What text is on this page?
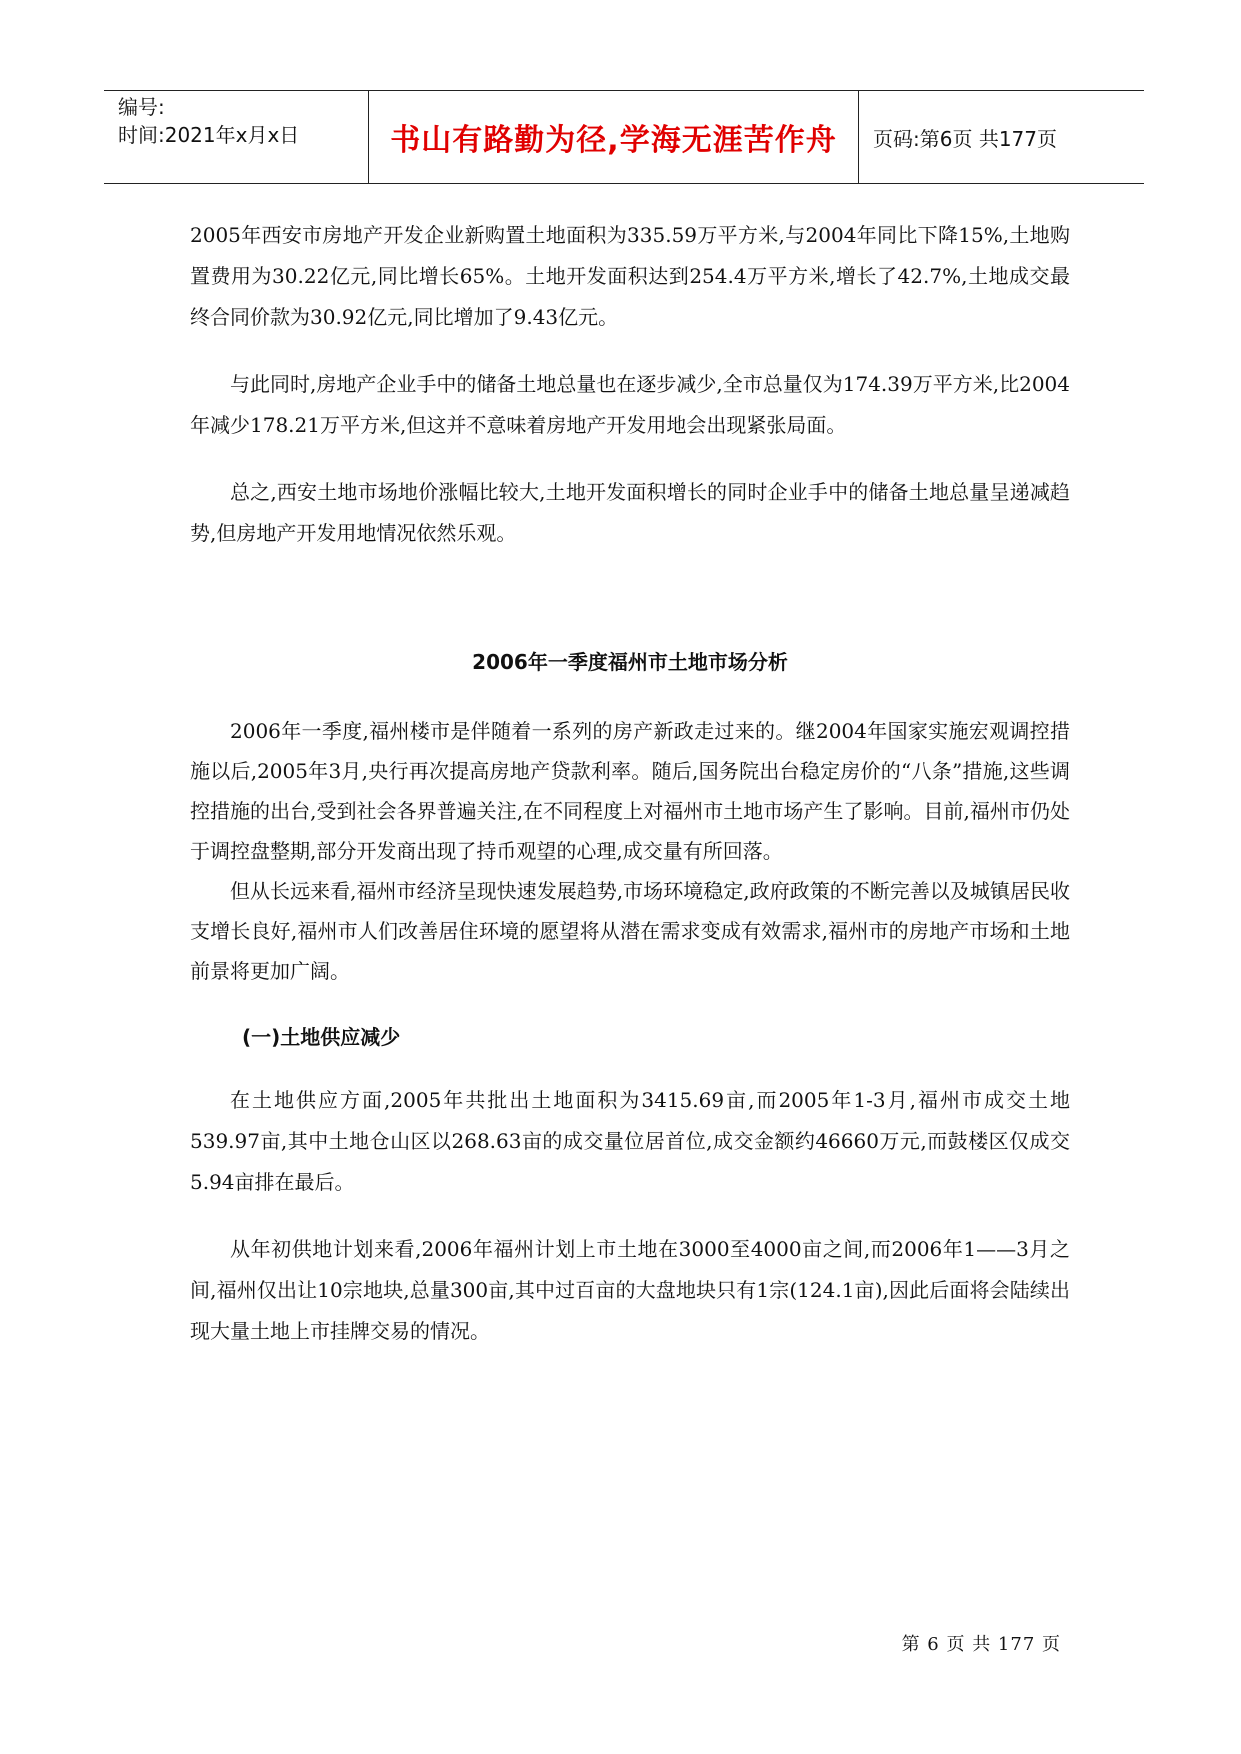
编号:
时间:2021年x月x日	书山有路勤为径,学海无涯苦作舟	页码:第6页 共177页

2005年西安市房地产开发企业新购置土地面积为335.59万平方米,与2004年同比下降15%,土地购置费用为30.22亿元,同比增长65%。土地开发面积达到254.4万平方米,增长了42.7%,土地成交最终合同价款为30.92亿元,同比增加了9.43亿元。

与此同时,房地产企业手中的储备土地总量也在逐步减少,全市总量仅为174.39万平方米,比2004年减少178.21万平方米,但这并不意味着房地产开发用地会出现紧张局面。

总之,西安土地市场地价涨幅比较大,土地开发面积增长的同时企业手中的储备土地总量呈递减趋势,但房地产开发用地情况依然乐观。

2006年一季度福州市土地市场分析

2006年一季度,福州楼市是伴随着一系列的房产新政走过来的。继2004年国家实施宏观调控措施以后,2005年3月,央行再次提高房地产贷款利率。随后,国务院出台稳定房价的“八条”措施,这些调控措施的出台,受到社会各界普遍关注,在不同程度上对福州市土地市场产生了影响。目前,福州市仍处于调控盘整期,部分开发商出现了持币观望的心理,成交量有所回落。

但从长远来看,福州市经济呈现快速发展趋势,市场环境稳定,政府政策的不断完善以及城镇居民收支增长良好,福州市人们改善居住环境的愿望将从潜在需求变成有效需求,福州市的房地产市场和土地前景将更加广阔。

(一)土地供应减少

在土地供应方面,2005年共批出土地面积为3415.69亩,而2005年1-3月,福州市成交土地539.97亩,其中土地仓山区以268.63亩的成交量位居首位,成交金额约46660万元,而鼓楼区仅成交5.94亩排在最后。

从年初供地计划来看,2006年福州计划上市土地在3000至4000亩之间,而2006年1——3月之间,福州仅出让10宗地块,总量300亩,其中过百亩的大盘地块只有1宗(124.1亩),因此后面将会陆续出现大量土地上市挂牌交易的情况。

第 6 页 共 177 页
